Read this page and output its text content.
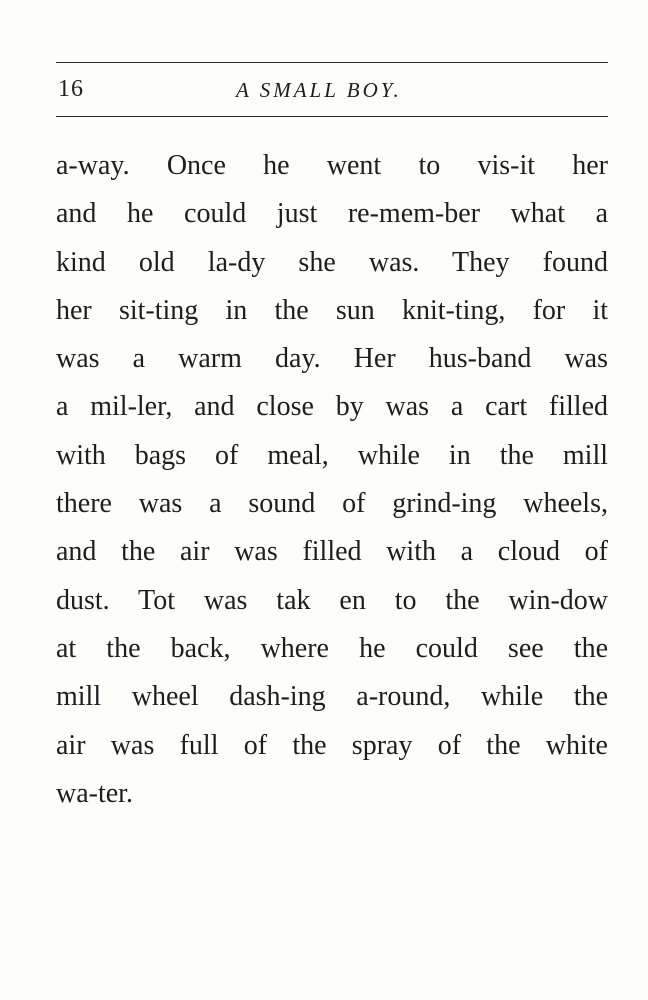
16	A SMALL BOY.
a-way. Once he went to vis-it her
and he could just re-mem-ber what a
kind old la-dy she was. They found
her sit-ting in the sun knit-ting, for it
was a warm day. Her hus-band was
a mil-ler, and close by was a cart filled
with bags of meal, while in the mill
there was a sound of grind-ing wheels,
and the air was filled with a cloud of
dust. Tot was tak en to the win-dow
at the back, where he could see the
mill wheel dash-ing a-round, while the
air was full of the spray of the white
wa-ter.
